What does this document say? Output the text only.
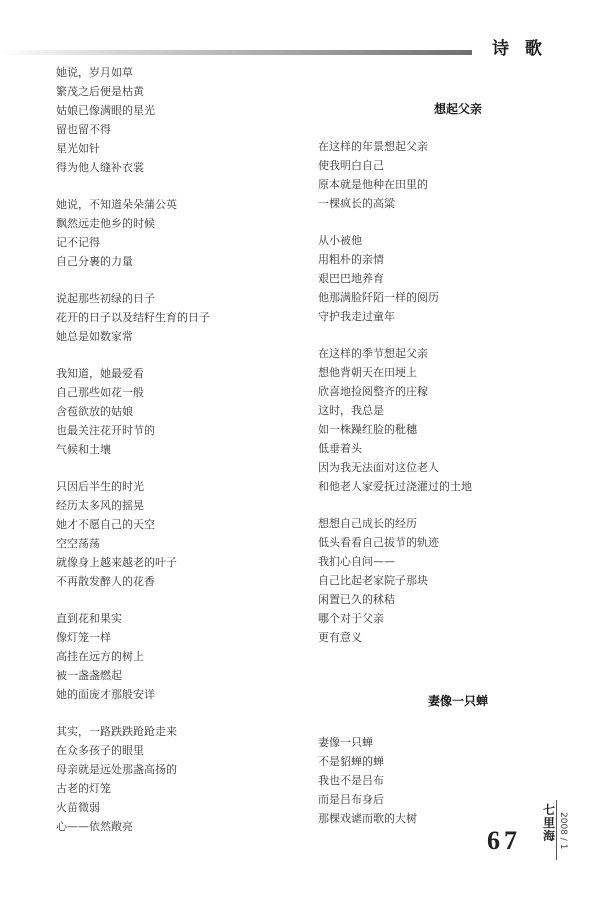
诗 歌
她说，岁月如草
繁茂之后便是枯黄
姑娘已像满眼的星光
留也留不得
星光如针
得为他人缝补衣裳
她说，不知道朵朵蒲公英
飘然远走他乡的时候
记不记得
自己分裹的力量
说起那些初绿的日子
花开的日子以及结籽生育的日子
她总是如数家常
我知道，她最爱看
自己那些如花一般
含苞欲放的姑娘
也最关注花开时节的
气候和土壤
只因后半生的时光
经历太多风的摇晃
她才不愿自己的天空
空空荡荡
就像身上越来越老的叶子
不再散发醉人的花香
直到花和果实
像灯笼一样
高挂在远方的树上
被一盏盏燃起
她的面庞才那般安详
其实，一路跌跌跄跄走来
在众多孩子的眼里
母亲就是远处那盏高扬的
古老的灯笼
火苗微弱
心——依然敞亮
想起父亲
在这样的年景想起父亲
使我明白自己
原本就是他种在田里的
一棵疯长的高粱
从小被他
用粗朴的亲情
艰巴巴地养育
他那满脸阡陌一样的阅历
守护我走过童年
在这样的季节想起父亲
想他背朝天在田埂上
欣喜地捡阅整齐的庄稼
这时，我总是
如一株躁红脸的秕穗
低垂着头
因为我无法面对这位老人
和他老人家爱抚过浇灌过的土地
想想自己成长的经历
低头看看自己拔节的轨迹
我扪心自问——
自己比起老家院子那块
闲置已久的秫秸
哪个对于父亲
更有意义
妻像一只蝉
妻像一只蝉
不是貂蝉的蝉
我也不是吕布
而是吕布身后
那棵戏谑而歌的大树
67
七里海 2008 / 1
